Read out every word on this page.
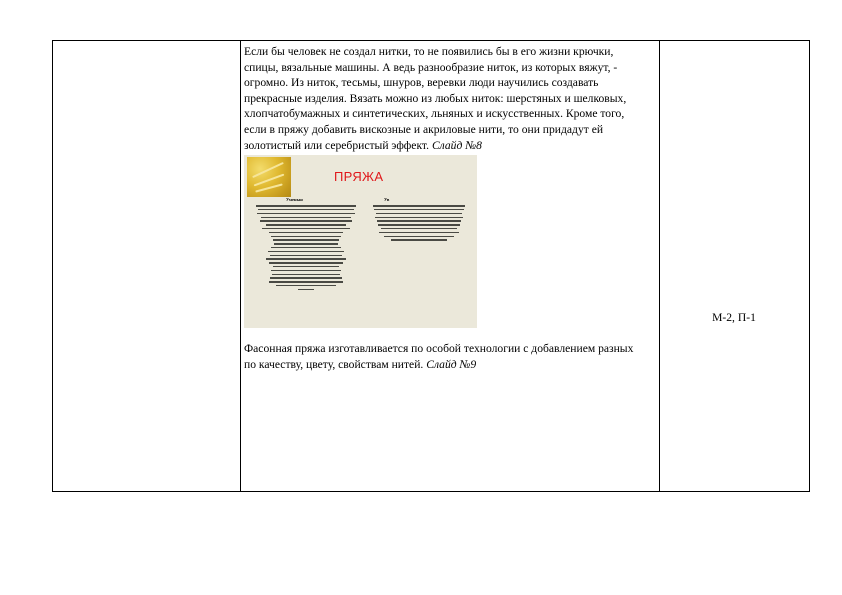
Если бы человек не создал нитки, то не появились бы в его жизни крючки,
спицы, вязальные машины. А ведь разнообразие ниток, из которых вяжут, -
огромно. Из ниток, тесьмы, шнуров, веревки люди научились создавать
прекрасные изделия. Вязать можно из любых ниток: шерстяных и шелковых,
хлопчатобумажных и синтетических, льняных и искусственных. Кроме того,
если в пряжу добавить вискозные и акриловые нити, то они придадут ей
золотистый или серебристый эффект. Слайд №8

ПРЯЖА
Уменьш	Ув

Фасонная пряжа изготавливается по особой технологии с добавлением разных
по качеству, цвету, свойствам нитей. Слайд №9

М-2, П-1
